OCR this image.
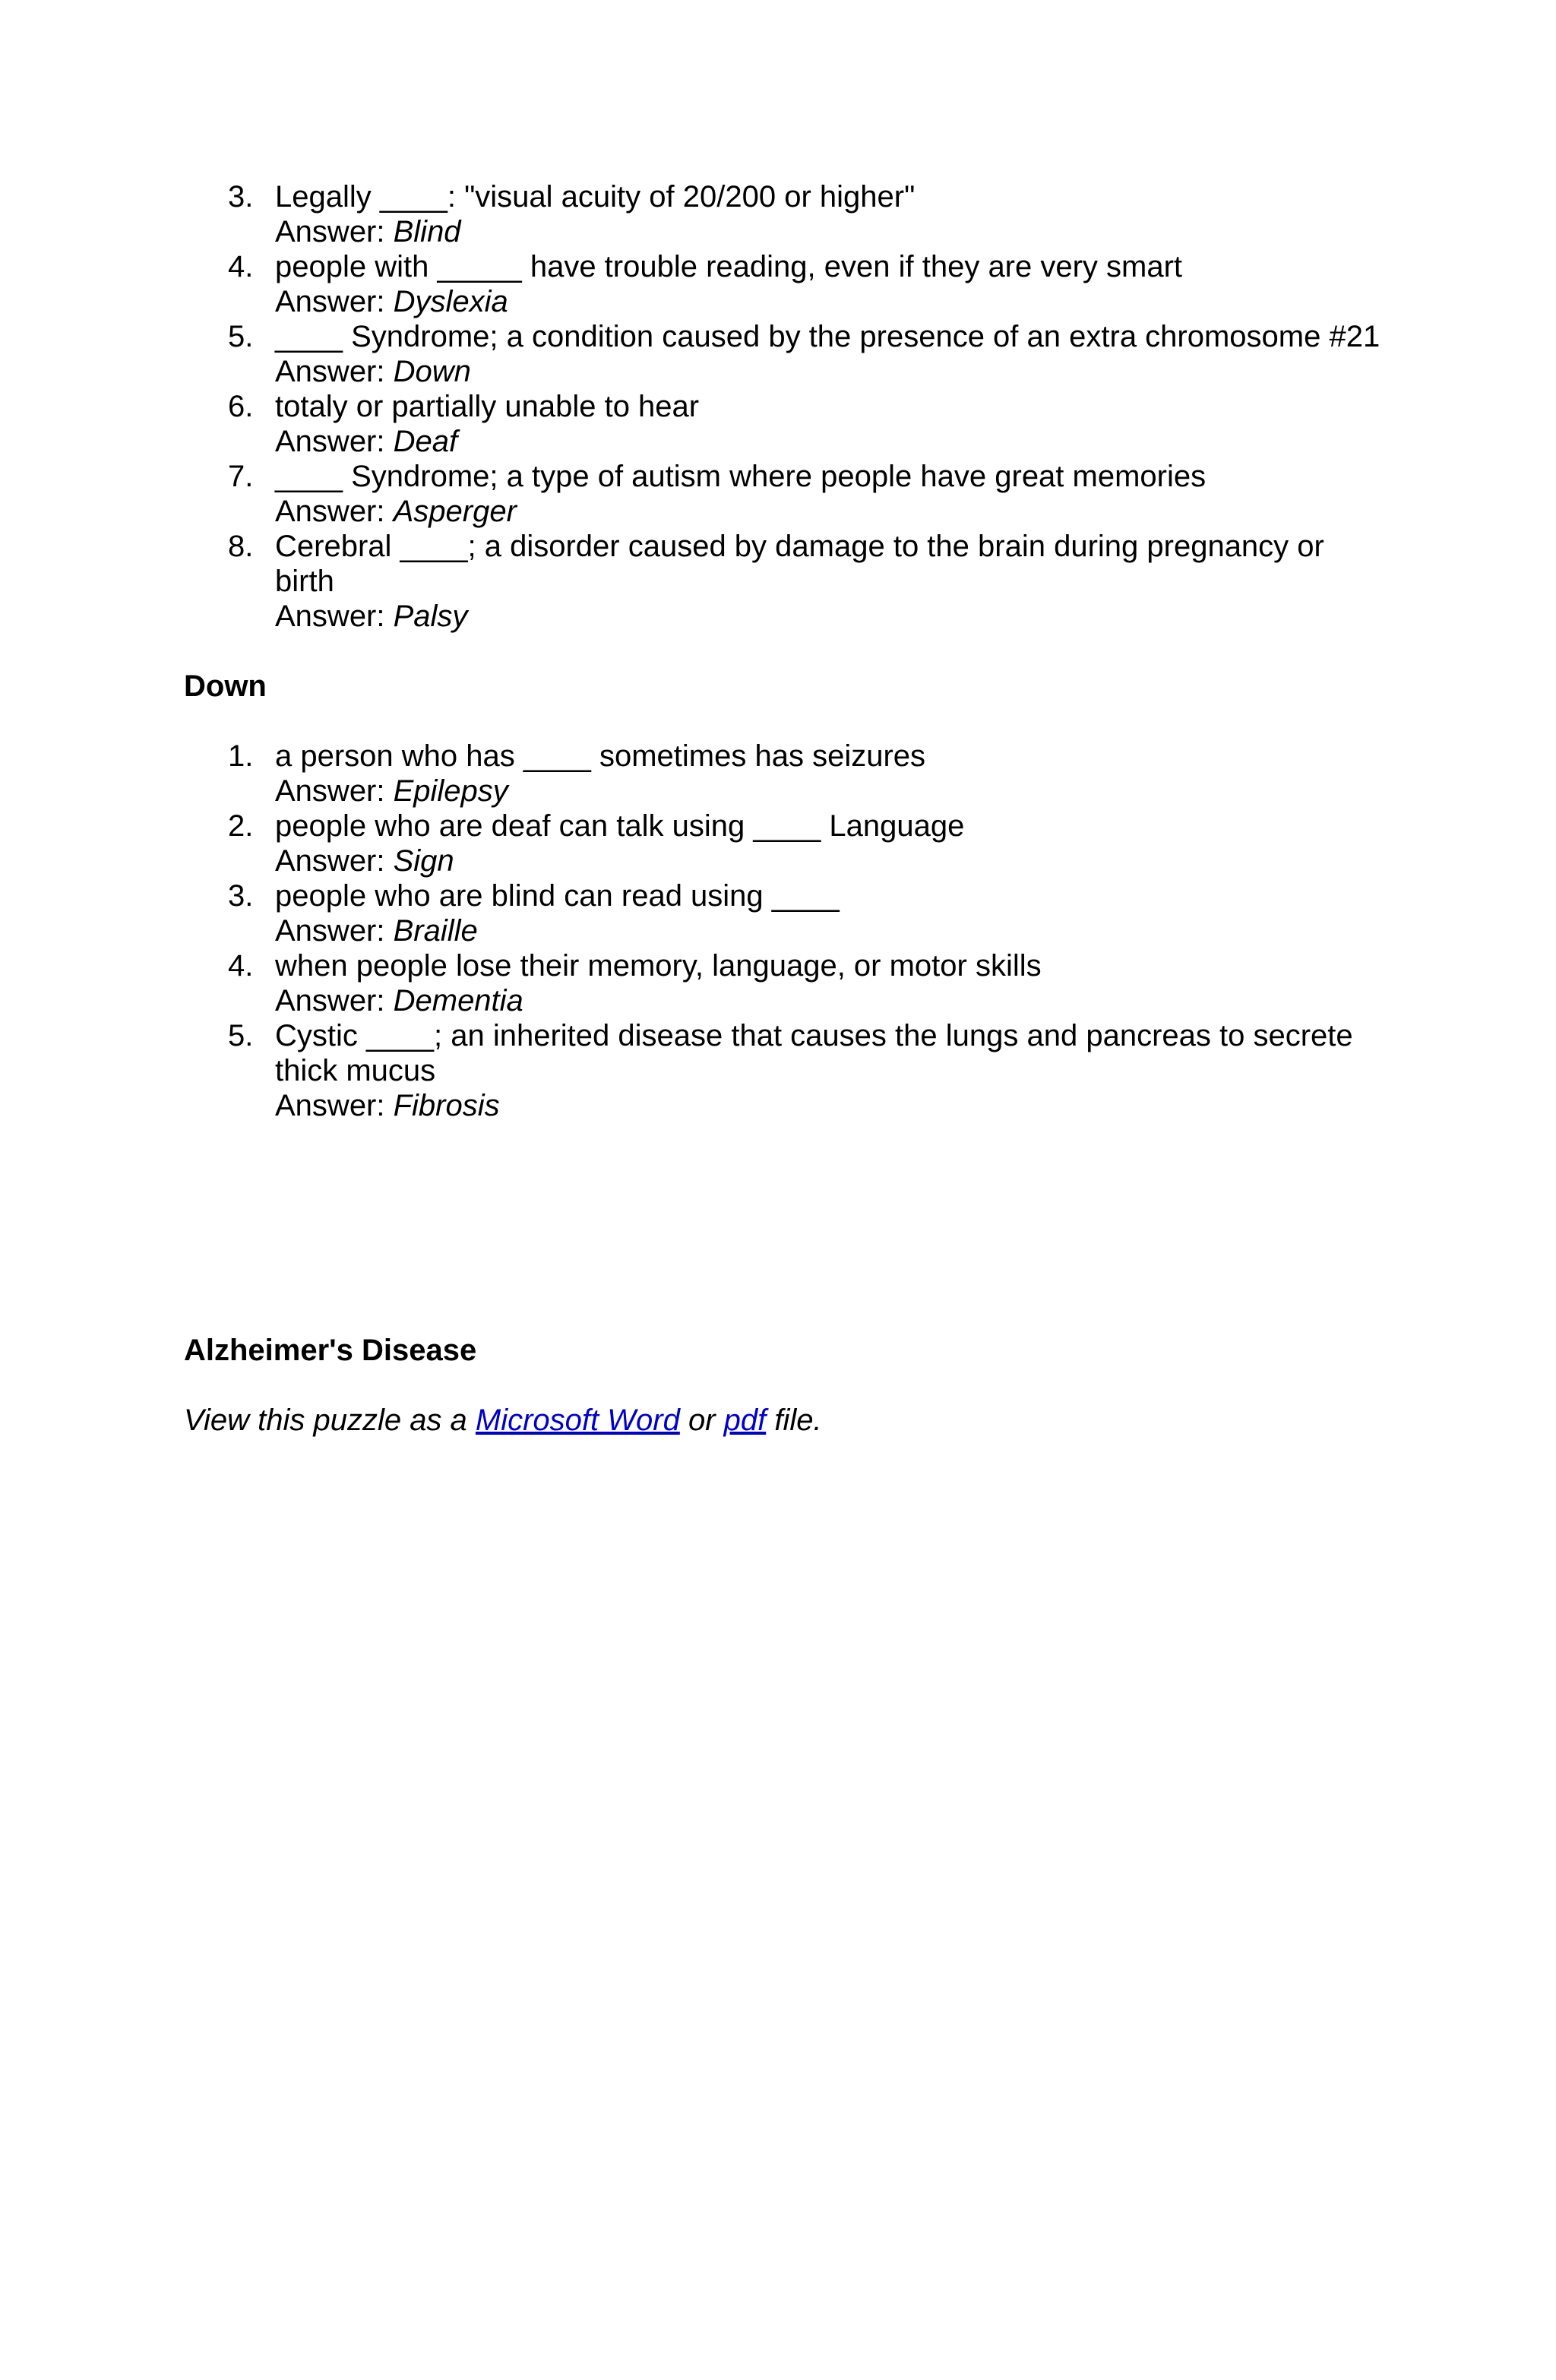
3. Legally ____: "visual acuity of 20/200 or higher"
Answer: Blind
4. people with _____ have trouble reading, even if they are very smart
Answer: Dyslexia
5. ____ Syndrome; a condition caused by the presence of an extra chromosome #21
Answer: Down
6. totaly or partially unable to hear
Answer: Deaf
7. ____ Syndrome; a type of autism where people have great memories
Answer: Asperger
8. Cerebral ____; a disorder caused by damage to the brain during pregnancy or birth
Answer: Palsy
Down
1. a person who has ____ sometimes has seizures
Answer: Epilepsy
2. people who are deaf can talk using ____ Language
Answer: Sign
3. people who are blind can read using ____
Answer: Braille
4. when people lose their memory, language, or motor skills
Answer: Dementia
5. Cystic ____; an inherited disease that causes the lungs and pancreas to secrete thick mucus
Answer: Fibrosis
Alzheimer's Disease

View this puzzle as a Microsoft Word or pdf file.
